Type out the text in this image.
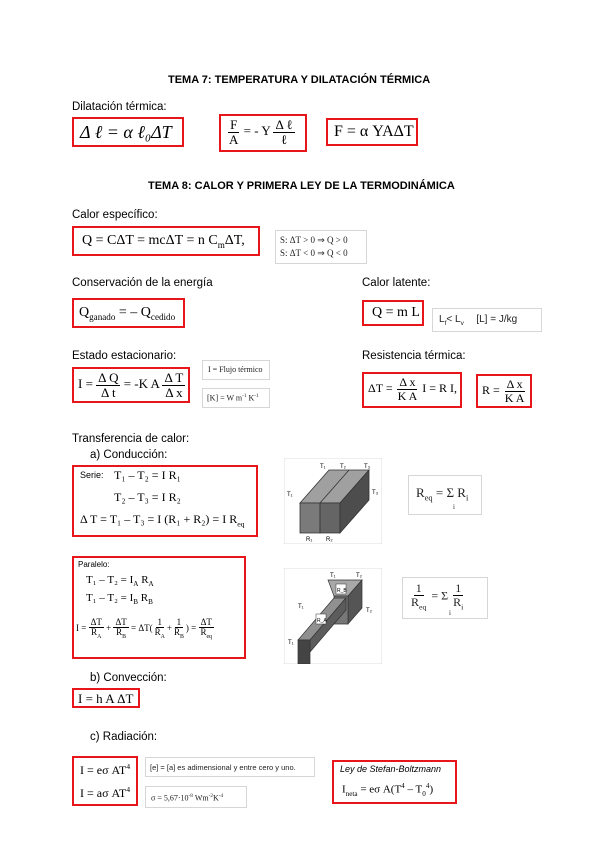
TEMA 7: TEMPERATURA Y DILATACIÓN TÉRMICA
Dilatación térmica:
Δ ℓ = α ℓ₀ΔT	$\frac{F}{A}$ = - Y $\frac{\text{Δ ℓ}}{\text{ℓ}}$	F = α YAΔT
TEMA 8: CALOR Y PRIMERA LEY DE LA TERMODINÁMICA
Calor específico:
Q = CΔT = mcΔT = n $C_m\Delta T$,	S: ΔT > 0 ⇒ Q > 0
S: ΔT < 0 ⇒ Q < 0
Conservación de la energía
$Q_{ganado}$ = – $Q_{cedido}$
Calor latente:
Q = m L	$L_f< L_v$ [L] = J/kg
Estado estacionario:
$I = \frac{\text{Δ Q}}{\text{Δ t}} = -K$ A $\frac{\text{Δ T}}{\text{Δ x}}$
I = Flujo térmico
[K] = W $m^{-1}$ $K^{-1}$
Resistencia térmica:
$\Delta T = \frac{\text{Δ x}}{\text{K A}}$ I = R I,	$R = \frac{\text{Δ x}}{\text{K A}}$
Transferencia de calor:
a) Conducción:
Serie: T₁ – T₂ = I R₁
T₂ – T₃ = I R₂
Δ T = T₁ – T₃ = I (R₁ + R₂) = I $R_{eq}$
T₁ T₂	T₃
T₁	T₃
R₁ R₂
$R_{eq} = \Sigma$ $R_i$
i
Paralelo:
$T_1 - T_2 = I_A$ $R_A$
$T_1 - T_2 = I_B$ $R_B$
$I = \frac{\Delta T}{R_A} + \frac{\Delta T}{R_B} = \Delta T( \frac{1}{R_A} + \frac{1}{R_B}$ ) = $\frac{\Delta T}{R_{eq}}$
T₁	T₂
R_B
R_A
T₁
T₂
T₁
$\frac{1}{R_{eq}} = \Sigma \frac{1}{R_i}$
i
b) Convección:
I = h A ΔT
c) Radiación:
I = eσ $AT^4$
I = aσ $AT^4$
[e] = [a] es adimensional y entre cero y uno.
$\sigma = 5,67\cdot 10^{-8}$ $Wm^{-2}K^{-4}$
Ley de Stefan-Boltzmann
$I_{neta} = e\sigma$ $A(T^4 - T_0^4)$
